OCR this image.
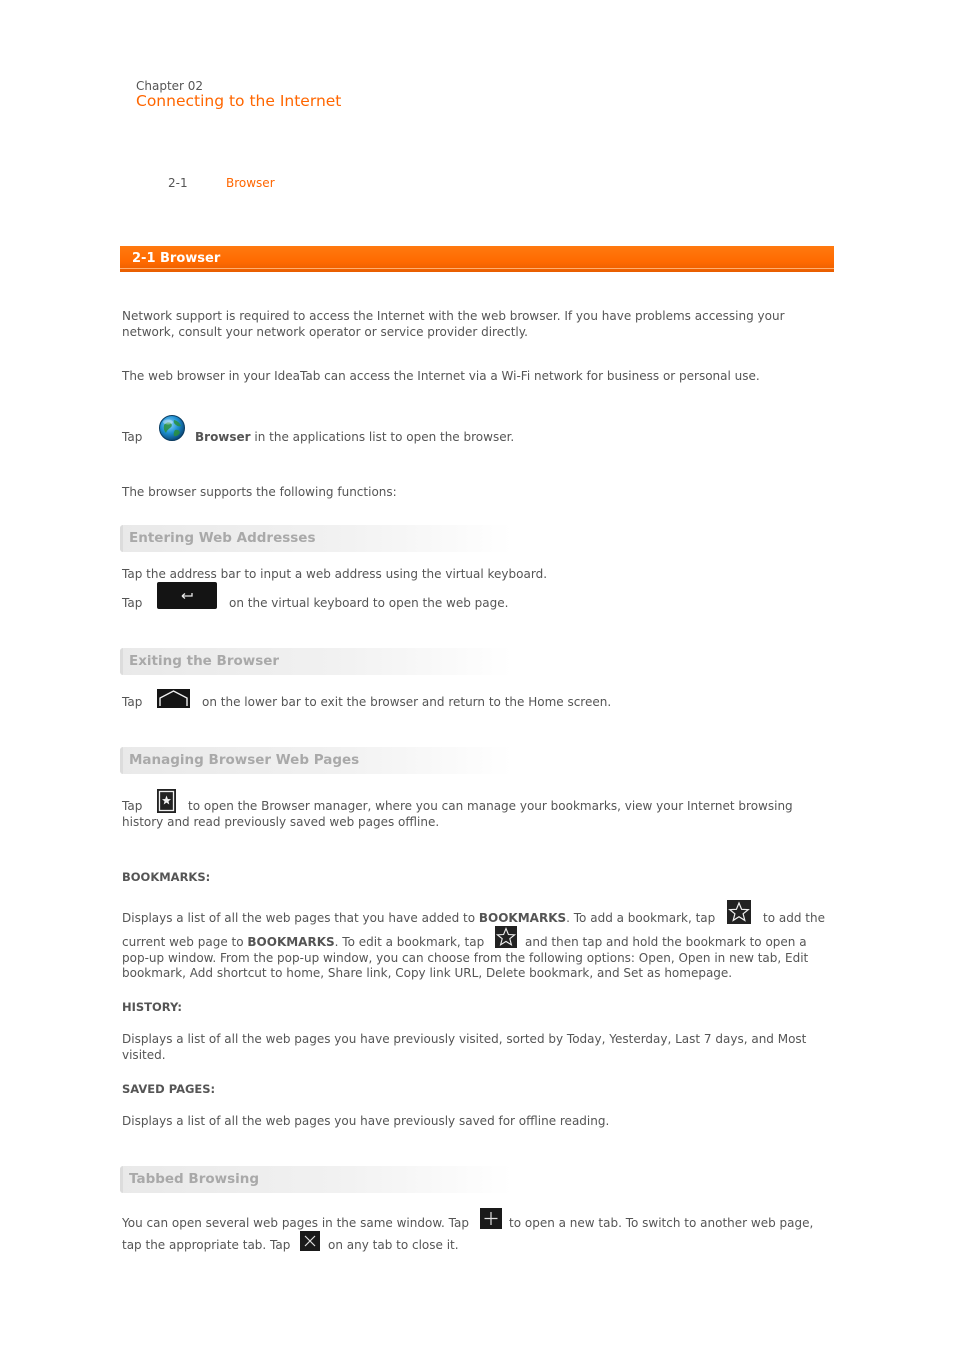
Chapter 02
Connecting to the Internet
2-1	Browser
2-1 Browser
Network support is required to access the Internet with the web browser. If you have problems accessing your network, consult your network operator or service provider directly.
The web browser in your IdeaTab can access the Internet via a Wi-Fi network for business or personal use.
Tap	Browser in the applications list to open the browser.
The browser supports the following functions:
Entering Web Addresses
Tap the address bar to input a web address using the virtual keyboard.
Tap	on the virtual keyboard to open the web page.
Exiting the Browser
Tap	on the lower bar to exit the browser and return to the Home screen.
Managing Browser Web Pages
Tap	to open the Browser manager, where you can manage your bookmarks, view your Internet browsing
history and read previously saved web pages offline.
BOOKMARKS:
Displays a list of all the web pages that you have added to BOOKMARKS. To add a bookmark, tap	to add the
current web page to BOOKMARKS. To edit a bookmark, tap	and then tap and hold the bookmark to open a
pop-up window. From the pop-up window, you can choose from the following options: Open, Open in new tab, Edit
bookmark, Add shortcut to home, Share link, Copy link URL, Delete bookmark, and Set as homepage.
HISTORY:
Displays a list of all the web pages you have previously visited, sorted by Today, Yesterday, Last 7 days, and Most visited.
SAVED PAGES:
Displays a list of all the web pages you have previously saved for offline reading.
Tabbed Browsing
You can open several web pages in the same window. Tap	to open a new tab. To switch to another web page,
tap the appropriate tab. Tap	on any tab to close it.
